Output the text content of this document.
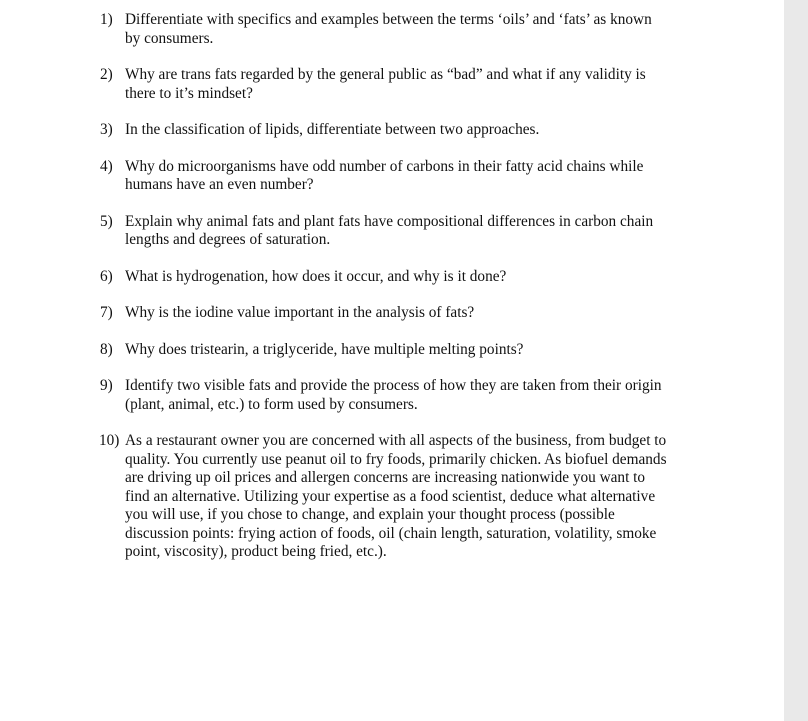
1) Differentiate with specifics and examples between the terms ‘oils’ and ‘fats’ as known by consumers.
2) Why are trans fats regarded by the general public as “bad” and what if any validity is there to it’s mindset?
3) In the classification of lipids, differentiate between two approaches.
4) Why do microorganisms have odd number of carbons in their fatty acid chains while humans have an even number?
5) Explain why animal fats and plant fats have compositional differences in carbon chain lengths and degrees of saturation.
6) What is hydrogenation, how does it occur, and why is it done?
7) Why is the iodine value important in the analysis of fats?
8) Why does tristearin, a triglyceride, have multiple melting points?
9) Identify two visible fats and provide the process of how they are taken from their origin (plant, animal, etc.) to form used by consumers.
10) As a restaurant owner you are concerned with all aspects of the business, from budget to quality. You currently use peanut oil to fry foods, primarily chicken. As biofuel demands are driving up oil prices and allergen concerns are increasing nationwide you want to find an alternative. Utilizing your expertise as a food scientist, deduce what alternative you will use, if you chose to change, and explain your thought process (possible discussion points: frying action of foods, oil (chain length, saturation, volatility, smoke point, viscosity), product being fried, etc.).
